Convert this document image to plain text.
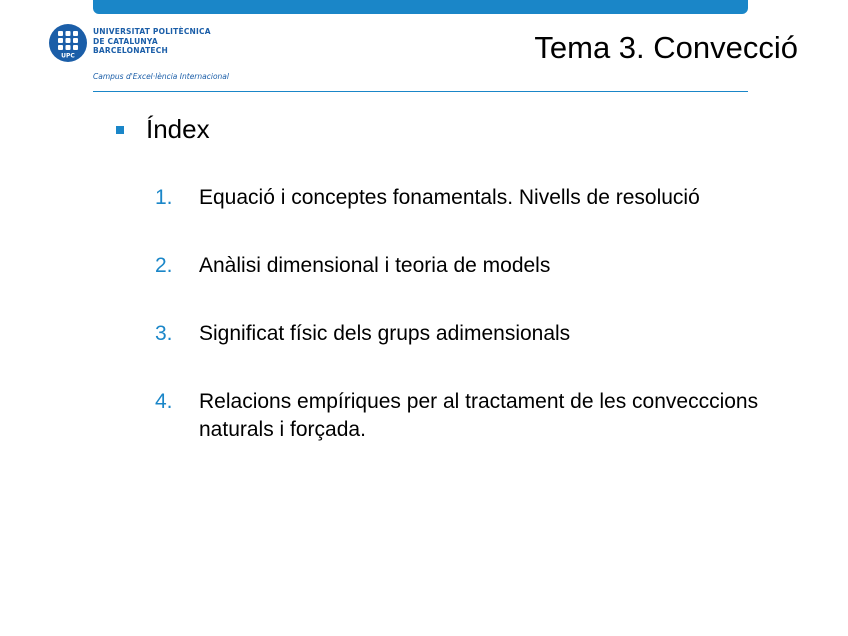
UPC
UNIVERSITAT POLITÈCNICA
DE CATALUNYA
BARCELONATECH
Campus d'Excel·lència Internacional
Tema 3. Convecció
Índex
1.	Equació i conceptes fonamentals. Nivells de resolució
2.	Anàlisi dimensional i teoria de models
3.	Significat físic dels grups adimensionals
4.	Relacions empíriques per al tractament de les convecccions naturals i forçada.
